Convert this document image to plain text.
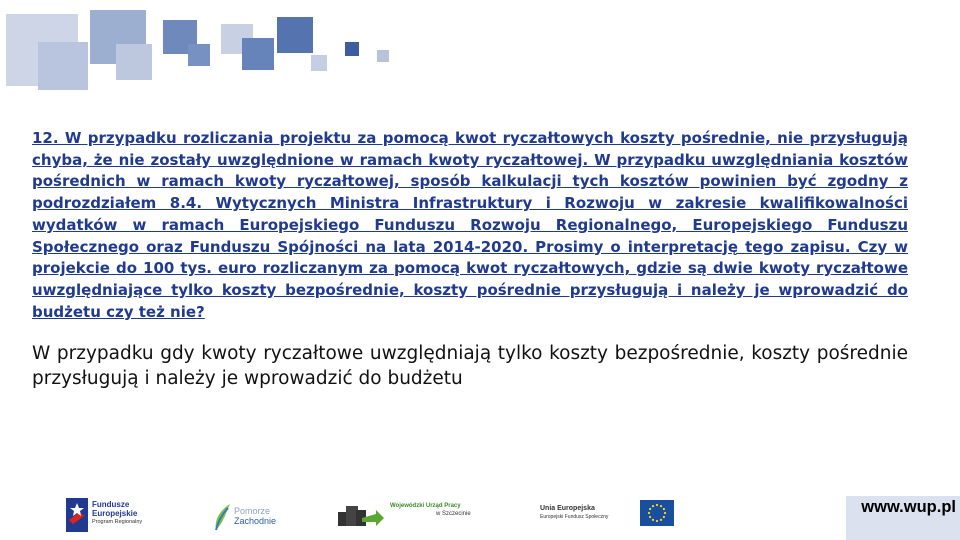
12. W przypadku rozliczania projektu za pomocą kwot ryczałtowych koszty pośrednie, nie przysługują chyba, że nie zostały uwzględnione w ramach kwoty ryczałtowej. W przypadku uwzględniania kosztów pośrednich w ramach kwoty ryczałtowej, sposób kalkulacji tych kosztów powinien być zgodny z podrozdziałem 8.4. Wytycznych Ministra Infrastruktury i Rozwoju w zakresie kwalifikowalności wydatków w ramach Europejskiego Funduszu Rozwoju Regionalnego, Europejskiego Funduszu Społecznego oraz Funduszu Spójności na lata 2014-2020. Prosimy o interpretację tego zapisu. Czy w projekcie do 100 tys. euro rozliczanym za pomocą kwot ryczałtowych, gdzie są dwie kwoty ryczałtowe uwzględniające tylko koszty bezpośrednie, koszty pośrednie przysługują i należy je wprowadzić do budżetu czy też nie?

W przypadku gdy kwoty ryczałtowe uwzględniają tylko koszty bezpośrednie, koszty pośrednie przysługują i należy je wprowadzić do budżetu

Fundusze
Europejskie
Program Regionalny
Pomorze
Zachodnie
Wojewódzki Urząd Pracy
w Szczecinie
Unia Europejska
Europejski Fundusz Społeczny
www.wup.pl
